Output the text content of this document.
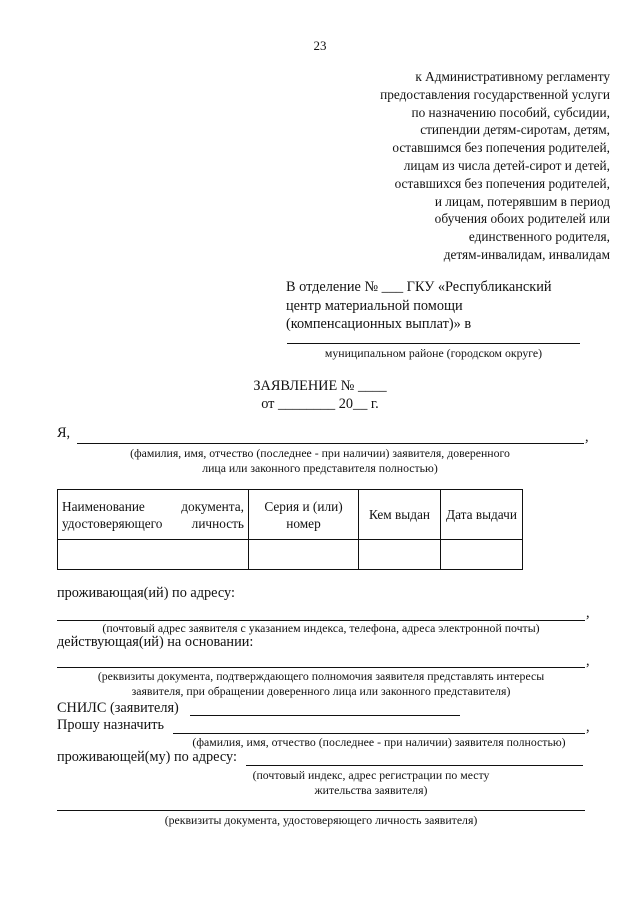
23
к Административному регламенту
предоставления государственной услуги
по назначению пособий, субсидии,
стипендии детям-сиротам, детям,
оставшимся без попечения родителей,
лицам из числа детей-сирот и детей,
оставшихся без попечения родителей,
и лицам, потерявшим в период
обучения обоих родителей или
единственного родителя,
детям-инвалидам, инвалидам
В отделение № ___ ГКУ «Республиканский
центр материальной помощи
(компенсационных выплат)» в
муниципальном районе (городском округе)
ЗАЯВЛЕНИЕ № ____
от ________ 20__ г.
Я,	,
(фамилия, имя, отчество (последнее - при наличии) заявителя, доверенного
лица или законного представителя полностью)
Наименование документа, удостоверяющего личность	Серия и (или) номер	Кем выдан	Дата выдачи

проживающая(ий) по адресу:
,
(почтовый адрес заявителя с указанием индекса, телефона, адреса электронной почты)
действующая(ий) на основании:
,
(реквизиты документа, подтверждающего полномочия заявителя представлять интересы
заявителя, при обращении доверенного лица или законного представителя)
СНИЛС (заявителя)
Прошу назначить	,
(фамилия, имя, отчество (последнее - при наличии) заявителя полностью)
проживающей(му) по адресу:
(почтовый индекс, адрес регистрации по месту
жительства заявителя)
(реквизиты документа, удостоверяющего личность заявителя)
